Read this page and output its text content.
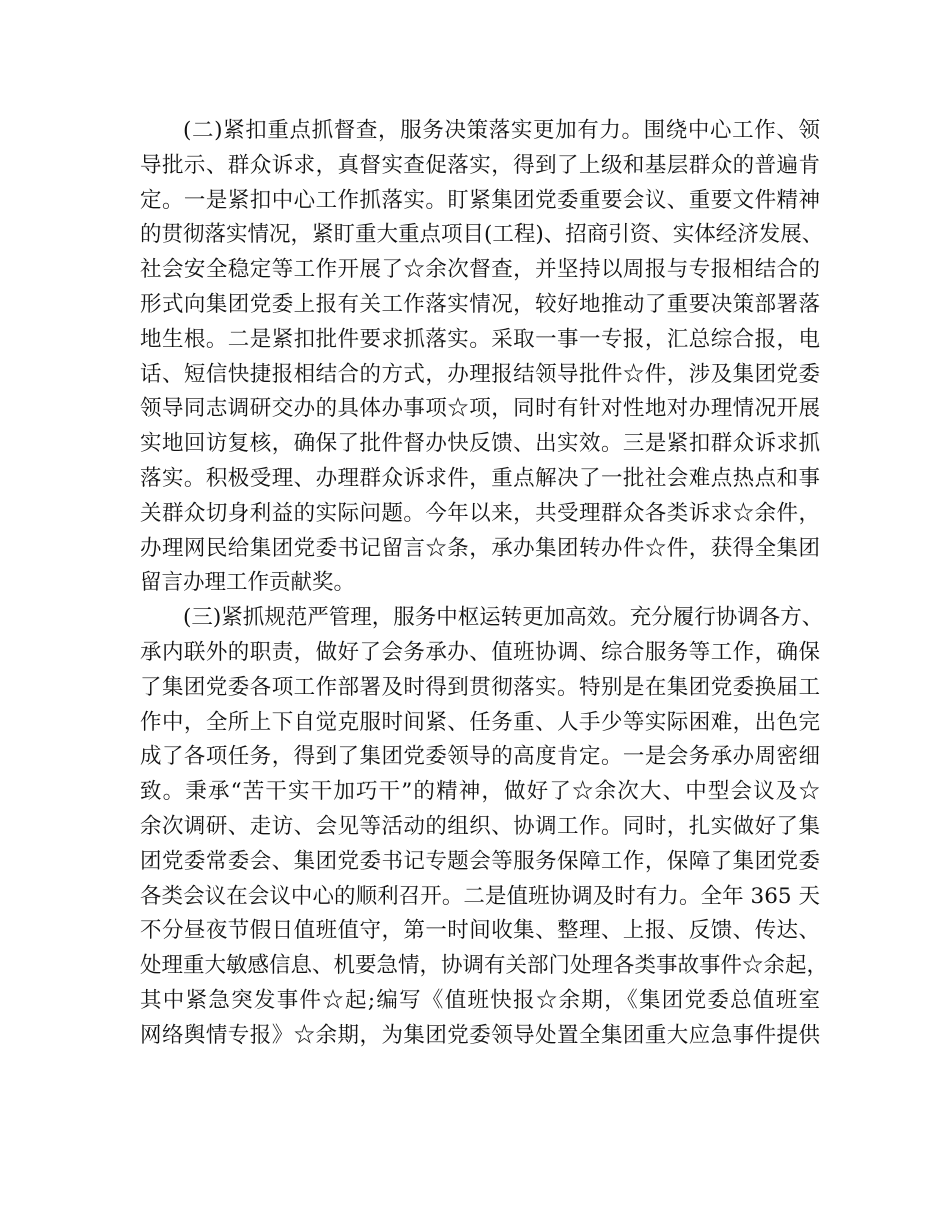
(二)紧扣重点抓督查，服务决策落实更加有力。围绕中心工作、领
导批示、群众诉求，真督实查促落实，得到了上级和基层群众的普遍肯
定。一是紧扣中心工作抓落实。盯紧集团党委重要会议、重要文件精神
的贯彻落实情况，紧盯重大重点项目(工程)、招商引资、实体经济发展、
社会安全稳定等工作开展了☆余次督查，并坚持以周报与专报相结合的
形式向集团党委上报有关工作落实情况，较好地推动了重要决策部署落
地生根。二是紧扣批件要求抓落实。采取一事一专报，汇总综合报，电
话、短信快捷报相结合的方式，办理报结领导批件☆件，涉及集团党委
领导同志调研交办的具体办事项☆项，同时有针对性地对办理情况开展
实地回访复核，确保了批件督办快反馈、出实效。三是紧扣群众诉求抓
落实。积极受理、办理群众诉求件，重点解决了一批社会难点热点和事
关群众切身利益的实际问题。今年以来，共受理群众各类诉求☆余件，
办理网民给集团党委书记留言☆条，承办集团转办件☆件，获得全集团
留言办理工作贡献奖。
(三)紧抓规范严管理，服务中枢运转更加高效。充分履行协调各方、
承内联外的职责，做好了会务承办、值班协调、综合服务等工作，确保
了集团党委各项工作部署及时得到贯彻落实。特别是在集团党委换届工
作中，全所上下自觉克服时间紧、任务重、人手少等实际困难，出色完
成了各项任务，得到了集团党委领导的高度肯定。一是会务承办周密细
致。秉承“苦干实干加巧干”的精神，做好了☆余次大、中型会议及☆
余次调研、走访、会见等活动的组织、协调工作。同时，扎实做好了集
团党委常委会、集团党委书记专题会等服务保障工作，保障了集团党委
各类会议在会议中心的顺利召开。二是值班协调及时有力。全年 365 天
不分昼夜节假日值班值守，第一时间收集、整理、上报、反馈、传达、
处理重大敏感信息、机要急情，协调有关部门处理各类事故事件☆余起，
其中紧急突发事件☆起;编写《值班快报☆余期，《集团党委总值班室
网络舆情专报》☆余期，为集团党委领导处置全集团重大应急事件提供
